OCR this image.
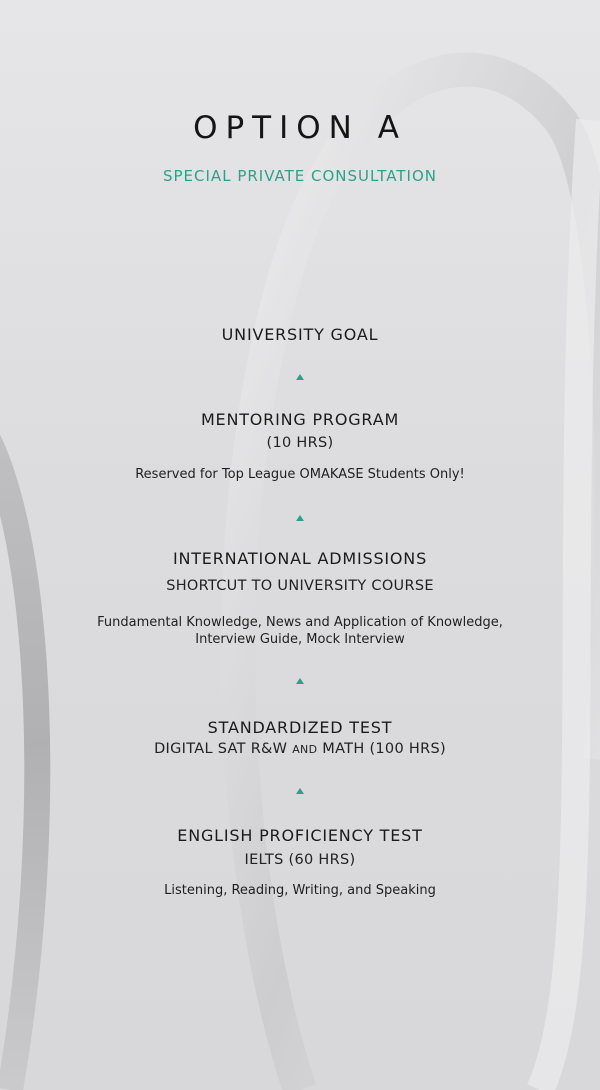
OPTION A
SPECIAL PRIVATE CONSULTATION
UNIVERSITY GOAL
MENTORING PROGRAM
(10 HRS)
Reserved for Top League OMAKASE Students Only!
INTERNATIONAL ADMISSIONS
SHORTCUT TO UNIVERSITY COURSE
Fundamental Knowledge, News and Application of Knowledge,
Interview Guide, Mock Interview
STANDARDIZED TEST
DIGITAL SAT R&W AND MATH (100 HRS)
ENGLISH PROFICIENCY TEST
IELTS (60 HRS)
Listening, Reading, Writing, and Speaking
